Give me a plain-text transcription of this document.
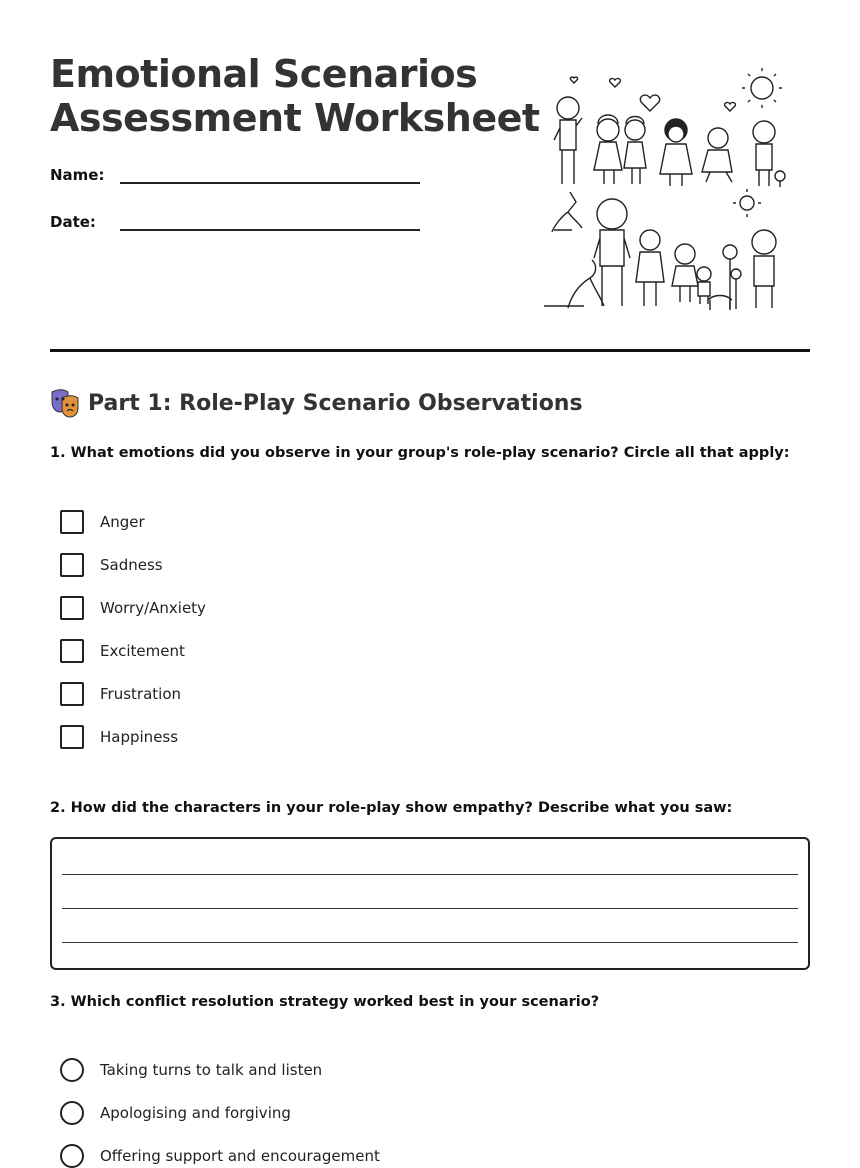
Emotional Scenarios
Assessment Worksheet
Name:
Date:
Part 1: Role-Play Scenario Observations
1. What emotions did you observe in your group's role-play scenario? Circle all that apply:
Anger
Sadness
Worry/Anxiety
Excitement
Frustration
Happiness
2. How did the characters in your role-play show empathy? Describe what you saw:
3. Which conflict resolution strategy worked best in your scenario?
Taking turns to talk and listen
Apologising and forgiving
Offering support and encouragement
